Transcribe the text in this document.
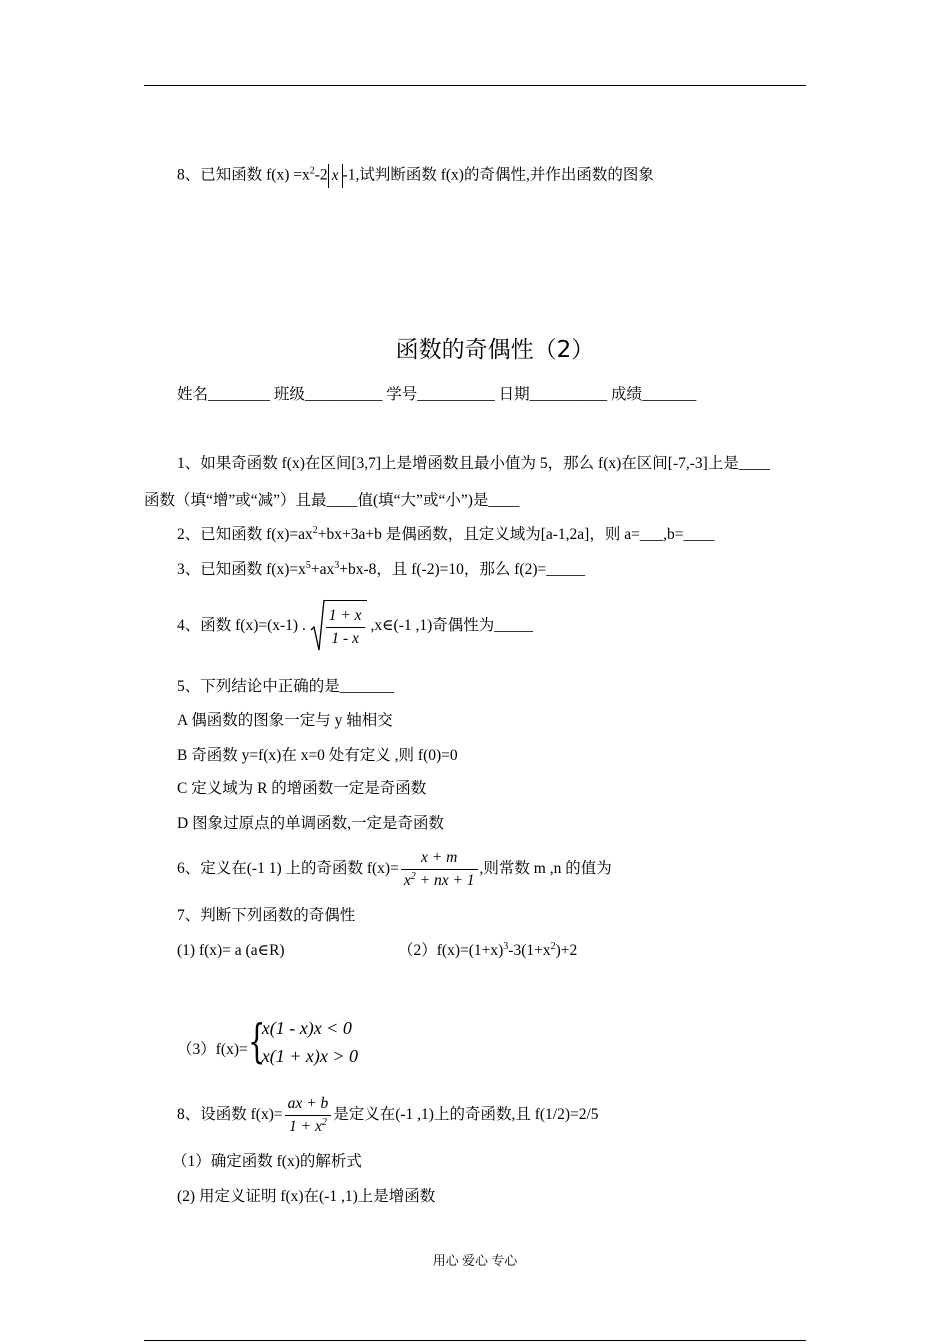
8、已知函数 $f(x) =x^2-2$ x -1,试判断函数 f(x)的奇偶性,并作出函数的图象
函数的奇偶性（2）
姓名________ 班级__________ 学号__________ 日期__________ 成绩_______
1、如果奇函数 f(x)在区间[3,7]上是增函数且最小值为 5，那么 f(x)在区间[-7,-3]上是____
函数（填“增”或“减”）且最____值(填“大”或“小”)是____
2、已知函数 $f(x)=ax^2+bx+3a+b$ 是偶函数，且定义域为[a-1,2a]，则 a=___,b=____
3、已知函数 $f(x)=x^5+ax^3+bx-8$，且 f(-2)=10，那么 f(2)=_____
4、函数 f(x)=(x-1) . $\frac{1 + x}{1 - x}$ ,x∈(-1 ,1)奇偶性为_____
5、下列结论中正确的是_______
A 偶函数的图象一定与 y 轴相交
B 奇函数 y=f(x)在 x=0 处有定义 ,则 f(0)=0
C 定义域为 R 的增函数一定是奇函数
D 图象过原点的单调函数,一定是奇函数
6、定义在(-1 1) 上的奇函数 $f(x)= \frac{x + m}{x^2 + nx + 1}$ ,则常数 m ,n 的值为
7、判断下列函数的奇偶性
(1) f(x)= a (a∈R)	$(2)f(x)=(1+x)^3-3(1+x^2)+2$
（3）f(x)= {
x(1 - x)x < 0
x(1 + x)x > 0
8、设函数 $f(x)= \frac{ax + b}{1 + x^2}$ 是定义在(-1 ,1)上的奇函数,且 f(1/2)=2/5
（1）确定函数 f(x)的解析式
(2) 用定义证明 f(x)在(-1 ,1)上是增函数
用心 爱心 专心
